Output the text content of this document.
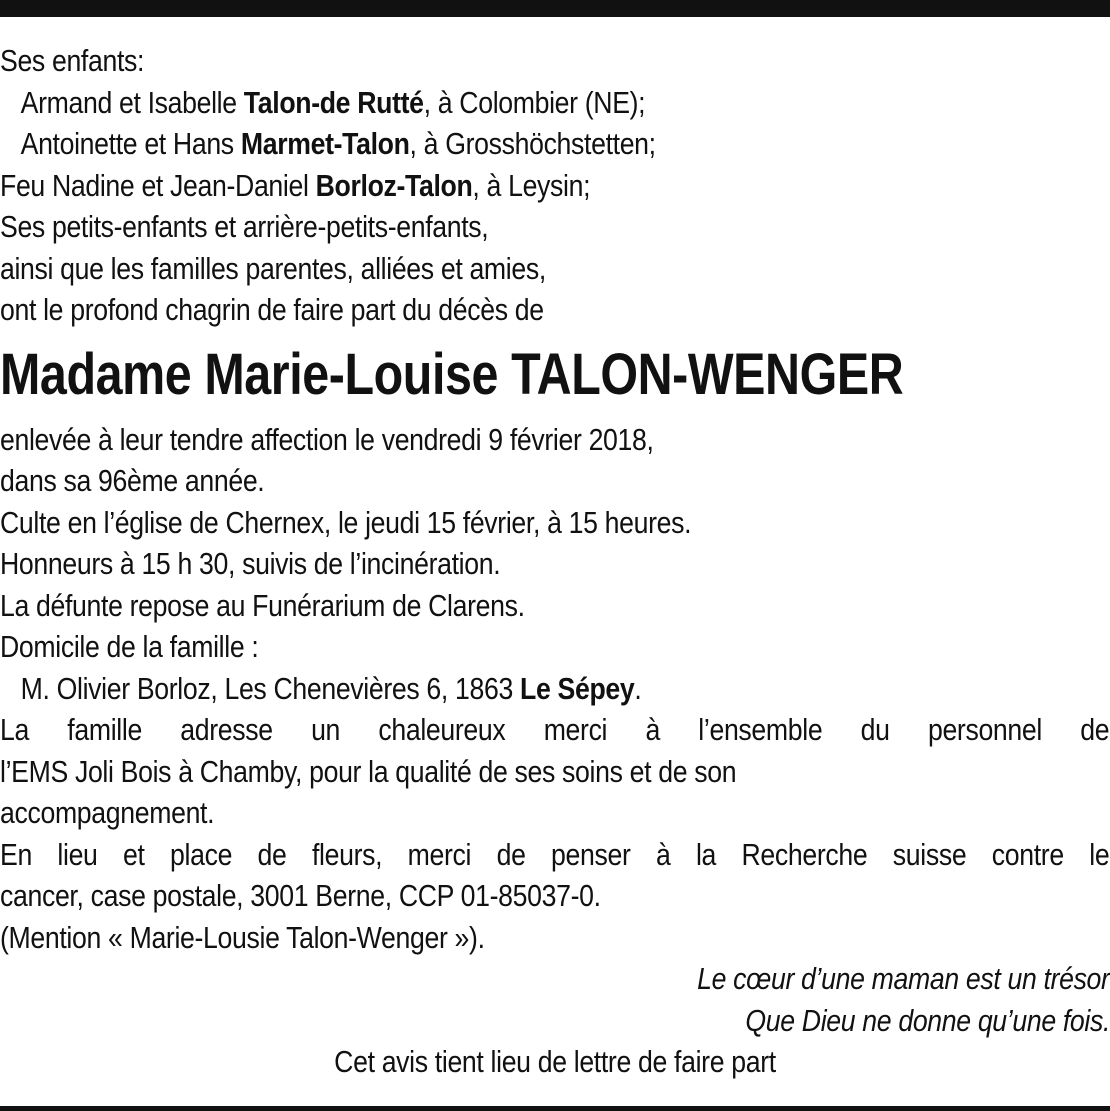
Ses enfants:
Armand et Isabelle Talon-de Rutté, à Colombier (NE);
Antoinette et Hans Marmet-Talon, à Grosshöchstetten;
Feu Nadine et Jean-Daniel Borloz-Talon, à Leysin;
Ses petits-enfants et arrière-petits-enfants,
ainsi que les familles parentes, alliées et amies,
ont le profond chagrin de faire part du décès de
Madame Marie-Louise TALON-WENGER
enlevée à leur tendre affection le vendredi 9 février 2018,
dans sa 96ème année.
Culte en l’église de Chernex, le jeudi 15 février, à 15 heures.
Honneurs à 15 h 30, suivis de l’incinération.
La défunte repose au Funérarium de Clarens.
Domicile de la famille :
M. Olivier Borloz, Les Chenevières 6, 1863 Le Sépey.
La famille adresse un chaleureux merci à l’ensemble du personnel de
l’EMS Joli Bois à Chamby, pour la qualité de ses soins et de son
accompagnement.
En lieu et place de fleurs, merci de penser à la Recherche suisse contre le
cancer, case postale, 3001 Berne, CCP 01-85037-0.
(Mention « Marie-Lousie Talon-Wenger »).
Le cœur d’une maman est un trésor
Que Dieu ne donne qu’une fois.
Cet avis tient lieu de lettre de faire part
